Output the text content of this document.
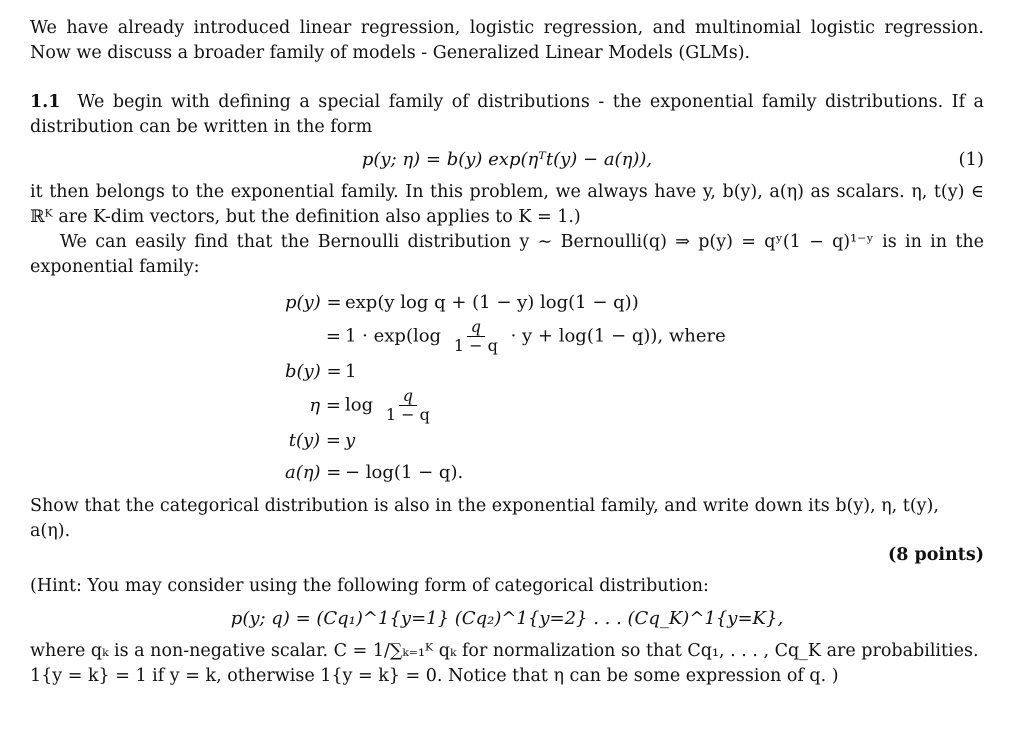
We have already introduced linear regression, logistic regression, and multinomial logistic regression. Now we discuss a broader family of models - Generalized Linear Models (GLMs).

1.1 We begin with defining a special family of distributions - the exponential family distributions. If a distribution can be written in the form

p(y; η) = b(y) exp(ηᵀt(y) − a(η)),	(1)

it then belongs to the exponential family. In this problem, we always have y, b(y), a(η) as scalars. η, t(y) ∈ ℝᴷ are K-dim vectors, but the definition also applies to K = 1.)

We can easily find that the Bernoulli distribution y ∼ Bernoulli(q) ⇒ p(y) = qʸ(1 − q)¹⁻ʸ is in in the exponential family:

p(y) = exp(y log q + (1 − y) log(1 − q))
= $1 \cdot \exp(\log \frac{q}{1 - q} \cdot y + \log(1 - q))$, where
b(y) = 1
$\eta = \log \frac{q}{1 - q}$
t(y) = y
a(η) = − log(1 − q).

Show that the categorical distribution is also in the exponential family, and write down its b(y), η, t(y), a(η).

(8 points)

(Hint: You may consider using the following form of categorical distribution:

p(y; q) = (Cq₁)^1{y=1} (Cq₂)^1{y=2} . . . (Cq_K)^1{y=K},

where qₖ is a non-negative scalar. C = 1/∑ₖ₌₁ᴷ qₖ for normalization so that Cq₁, . . . , Cq_K are probabilities.

1{y = k} = 1 if y = k, otherwise 1{y = k} = 0. Notice that η can be some expression of q. )
